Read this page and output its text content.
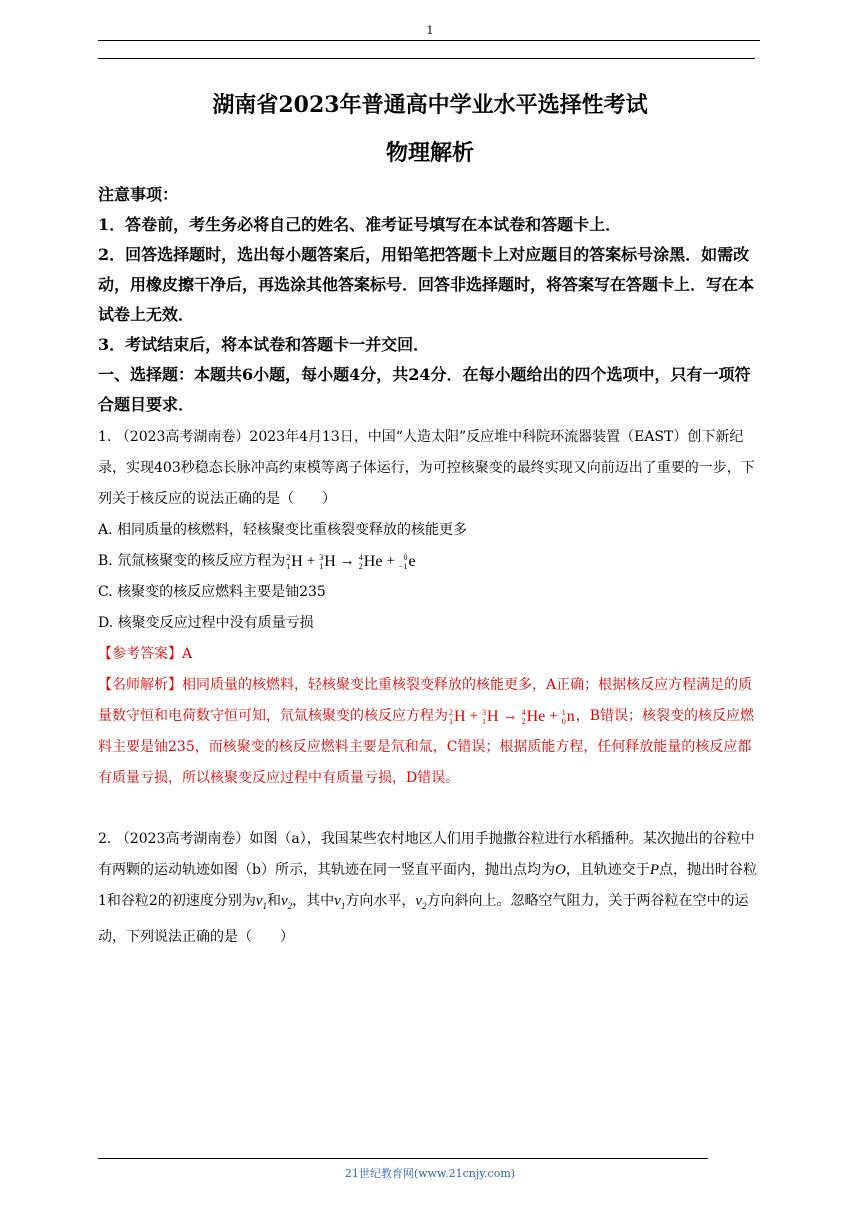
1

湖南省2023年普通高中学业水平选择性考试

物理解析

注意事项：

1．答卷前，考生务必将自己的姓名、准考证号填写在本试卷和答题卡上．

2．回答选择题时，选出每小题答案后，用铅笔把答题卡上对应题目的答案标号涂黑．如需改动，用橡皮擦干净后，再选涂其他答案标号．回答非选择题时，将答案写在答题卡上．写在本试卷上无效．

3．考试结束后，将本试卷和答题卡一并交回．

一、选择题：本题共6小题，每小题4分，共24分．在每小题给出的四个选项中，只有一项符合题目要求．

1. （2023高考湖南卷）2023年4月13日，中国“人造太阳”反应堆中科院环流器装置（EAST）创下新纪录，实现403秒稳态长脉冲高约束模等离子体运行，为可控核聚变的最终实现又向前迈出了重要的一步，下列关于核反应的说法正确的是（　　）

A. 相同质量的核燃料，轻核聚变比重核裂变释放的核能更多

B. 氘氚核聚变的核反应方程为 2
1 H + 3
1 H → 4
2 He +	0
−1 e

C. 核聚变的核反应燃料主要是铀235

D. 核聚变反应过程中没有质量亏损

【参考答案】A

【名师解析】相同质量的核燃料，轻核聚变比重核裂变释放的核能更多，A正确；根据核反应方程满足的质量数守恒和电荷数守恒可知，氘氚核聚变的核反应方程为 2
1 H + 3
1 H → 4
2 He + 1
0 n ，B错误；核裂变的核反应燃料主要是铀235，而核聚变的核反应燃料主要是氘和氚，C错误；根据质能方程，任何释放能量的核反应都有质量亏损，所以核聚变反应过程中有质量亏损，D错误。

2. （2023高考湖南卷）如图（a），我国某些农村地区人们用手抛撒谷粒进行水稻播种。某次抛出的谷粒中有两颗的运动轨迹如图（b）所示，其轨迹在同一竖直平面内，抛出点均为O，且轨迹交于P点，抛出时谷粒1和谷粒2的初速度分别为$v_1$和$v_2$，其中$v_1$方向水平，$v_2$方向斜向上。忽略空气阻力，关于两谷粒在空中的运动，下列说法正确的是（　　）

21世纪教育网(www.21cnjy.com)
